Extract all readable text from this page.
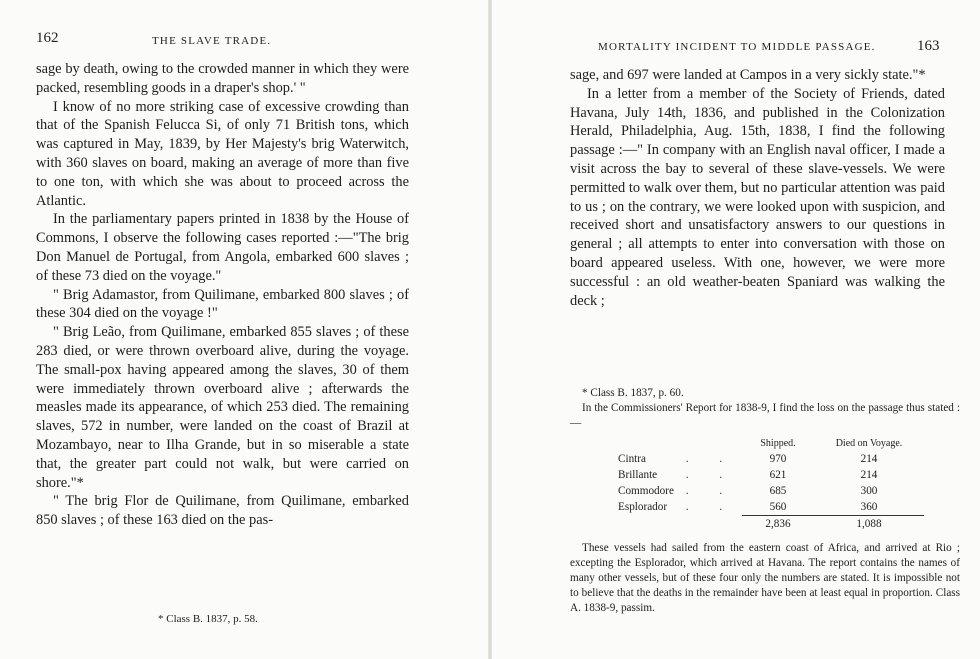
162	THE SLAVE TRADE.

sage by death, owing to the crowded manner in which they were packed, resembling goods in a draper's shop.' "

I know of no more striking case of excessive crowding than that of the Spanish Felucca Si, of only 71 British tons, which was captured in May, 1839, by Her Majesty's brig Waterwitch, with 360 slaves on board, making an average of more than five to one ton, with which she was about to proceed across the Atlantic.

In the parliamentary papers printed in 1838 by the House of Commons, I observe the following cases reported :—"The brig Don Manuel de Portugal, from Angola, embarked 600 slaves ; of these 73 died on the voyage."

" Brig Adamastor, from Quilimane, embarked 800 slaves ; of these 304 died on the voyage !"

" Brig Leão, from Quilimane, embarked 855 slaves ; of these 283 died, or were thrown overboard alive, during the voyage. The small-pox having appeared among the slaves, 30 of them were immediately thrown overboard alive ; afterwards the measles made its appearance, of which 253 died. The remaining slaves, 572 in number, were landed on the coast of Brazil at Mozambayo, near to Ilha Grande, but in so miserable a state that, the greater part could not walk, but were carried on shore."*

" The brig Flor de Quilimane, from Quilimane, embarked 850 slaves ; of these 163 died on the pas-

* Class B. 1837, p. 58.
MORTALITY INCIDENT TO MIDDLE PASSAGE.	163

sage, and 697 were landed at Campos in a very sickly state."*

In a letter from a member of the Society of Friends, dated Havana, July 14th, 1836, and published in the Colonization Herald, Philadelphia, Aug. 15th, 1838, I find the following passage :—" In company with an English naval officer, I made a visit across the bay to several of these slave-vessels. We were permitted to walk over them, but no particular attention was paid to us ; on the contrary, we were looked upon with suspicion, and received short and unsatisfactory answers to our questions in general ; all attempts to enter into conversation with those on board appeared useless. With one, however, we were more successful : an old weather-beaten Spaniard was walking the deck ;

* Class B. 1837, p. 60.

In the Commissioners' Report for 1838-9, I find the loss on the passage thus stated :—

		Shipped.	Died on Voyage.
Cintra	. .	970	214
Brillante	. .	621	214
Commodore	. .	685	300
Esplorador	. .	560	360
		2,836	1,088

These vessels had sailed from the eastern coast of Africa, and arrived at Rio ; excepting the Esplorador, which arrived at Havana. The report contains the names of many other vessels, but of these four only the numbers are stated. It is impossible not to believe that the deaths in the remainder have been at least equal in proportion. Class A. 1838-9, passim.
